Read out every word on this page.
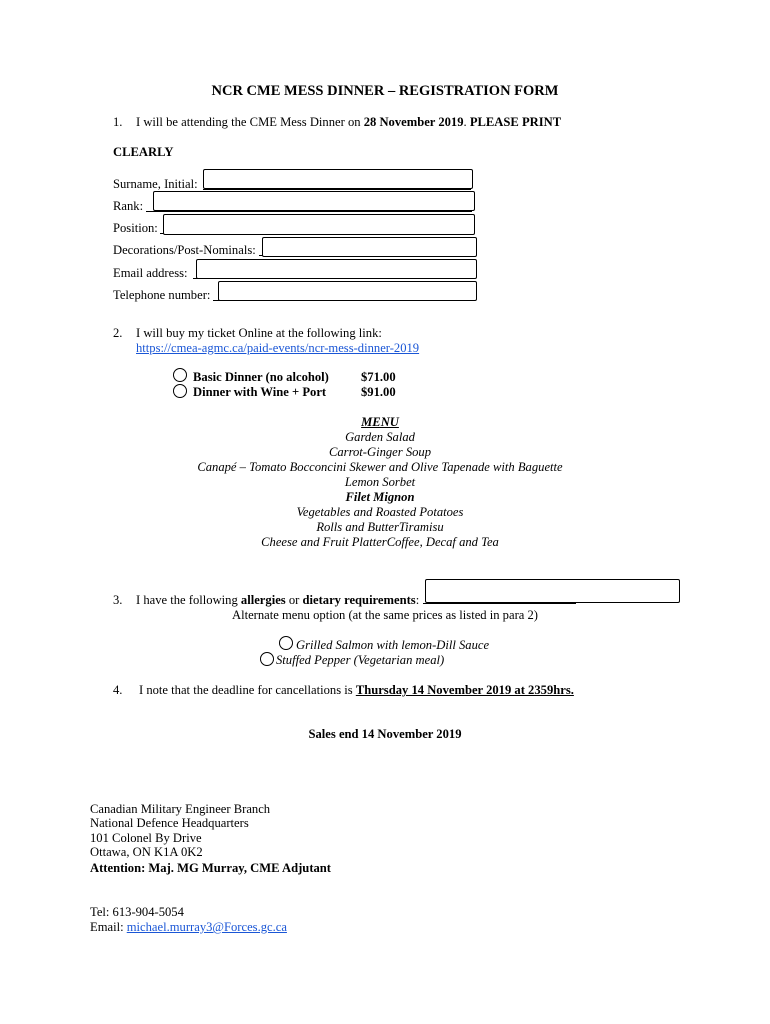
NCR CME MESS DINNER – REGISTRATION FORM
1. I will be attending the CME Mess Dinner on 28 November 2019. PLEASE PRINT
CLEARLY
Surname, Initial:
Rank:
Position:
Decorations/Post-Nominals:
Email address:
Telephone number:
2. I will buy my ticket Online at the following link:
https://cmea-agmc.ca/paid-events/ncr-mess-dinner-2019
Basic Dinner (no alcohol)	$71.00
Dinner with Wine + Port	$91.00
MENU
Garden Salad
Carrot-Ginger Soup
Canapé – Tomato Bocconcini Skewer and Olive Tapenade with Baguette
Lemon Sorbet
Filet Mignon
Vegetables and Roasted Potatoes
Rolls and ButterTiramisu
Cheese and Fruit PlatterCoffee, Decaf and Tea
3. I have the following allergies or dietary requirements:
Alternate menu option (at the same prices as listed in para 2)
Grilled Salmon with lemon-Dill Sauce
Stuffed Pepper (Vegetarian meal)
4. I note that the deadline for cancellations is Thursday 14 November 2019 at 2359hrs.
Sales end 14 November 2019
Canadian Military Engineer Branch
National Defence Headquarters
101 Colonel By Drive
Ottawa, ON K1A 0K2
Attention: Maj. MG Murray, CME Adjutant
Tel: 613-904-5054
Email: michael.murray3@Forces.gc.ca
